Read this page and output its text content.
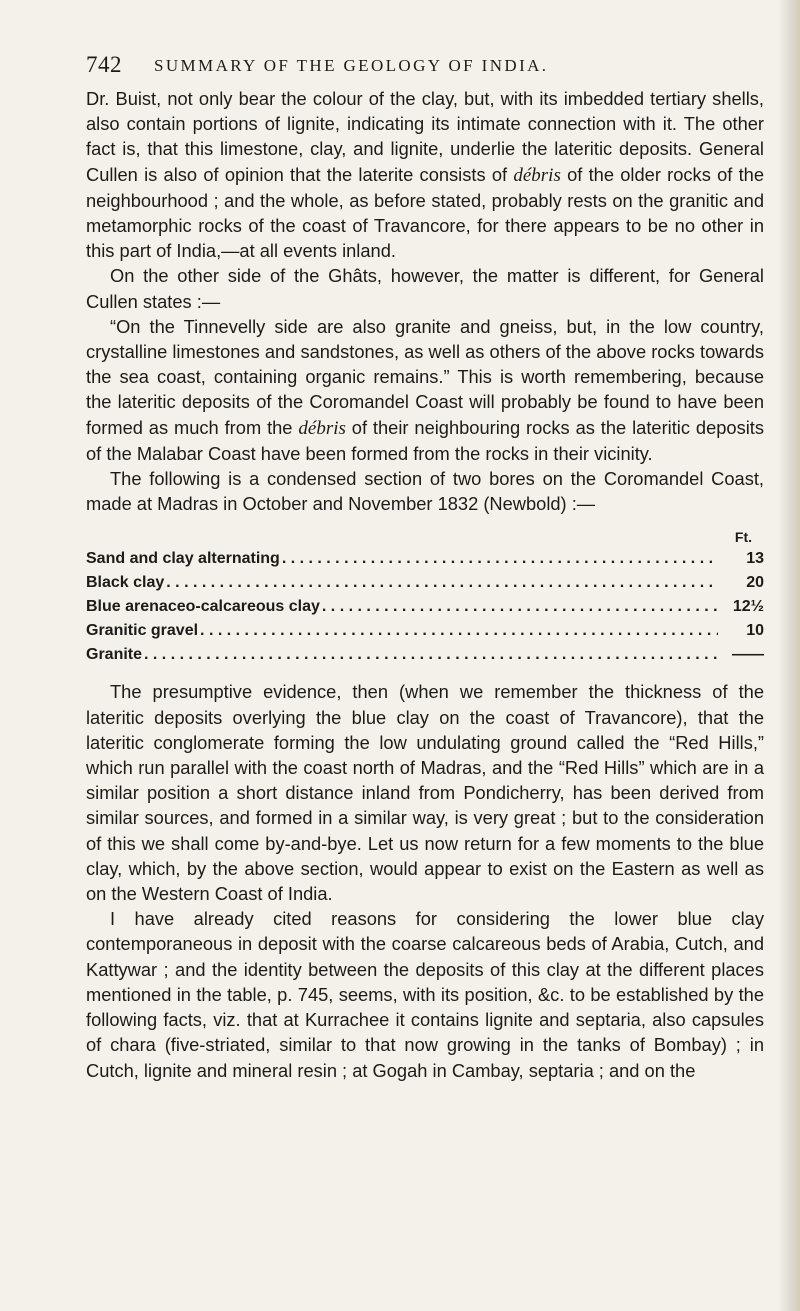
742 SUMMARY OF THE GEOLOGY OF INDIA.

Dr. Buist, not only bear the colour of the clay, but, with its imbedded tertiary shells, also contain portions of lignite, indicating its intimate connection with it. The other fact is, that this limestone, clay, and lignite, underlie the lateritic deposits. General Cullen is also of opinion that the laterite consists of débris of the older rocks of the neighbourhood ; and the whole, as before stated, probably rests on the granitic and metamorphic rocks of the coast of Travancore, for there appears to be no other in this part of India,—at all events inland.

On the other side of the Ghâts, however, the matter is different, for General Cullen states :—

“On the Tinnevelly side are also granite and gneiss, but, in the low country, crystalline limestones and sandstones, as well as others of the above rocks towards the sea coast, containing organic remains.” This is worth remembering, because the lateritic deposits of the Coromandel Coast will probably be found to have been formed as much from the débris of their neighbouring rocks as the lateritic deposits of the Malabar Coast have been formed from the rocks in their vicinity.

The following is a condensed section of two bores on the Coromandel Coast, made at Madras in October and November 1832 (Newbold) :—

Ft.
Sand and clay alternating . . .	13
Black clay . . .	20
Blue arenaceo-calcareous clay . . .	12½
Granitic gravel . . .	10
Granite . . .	——

The presumptive evidence, then (when we remember the thickness of the lateritic deposits overlying the blue clay on the coast of Travancore), that the lateritic conglomerate forming the low undulating ground called the “Red Hills,” which run parallel with the coast north of Madras, and the “Red Hills” which are in a similar position a short distance inland from Pondicherry, has been derived from similar sources, and formed in a similar way, is very great ; but to the consideration of this we shall come by-and-bye. Let us now return for a few moments to the blue clay, which, by the above section, would appear to exist on the Eastern as well as on the Western Coast of India.

I have already cited reasons for considering the lower blue clay contemporaneous in deposit with the coarse calcareous beds of Arabia, Cutch, and Kattywar ; and the identity between the deposits of this clay at the different places mentioned in the table, p. 745, seems, with its position, &c. to be established by the following facts, viz. that at Kurrachee it contains lignite and septaria, also capsules of chara (five-striated, similar to that now growing in the tanks of Bombay) ; in Cutch, lignite and mineral resin ; at Gogah in Cambay, septaria ; and on the
